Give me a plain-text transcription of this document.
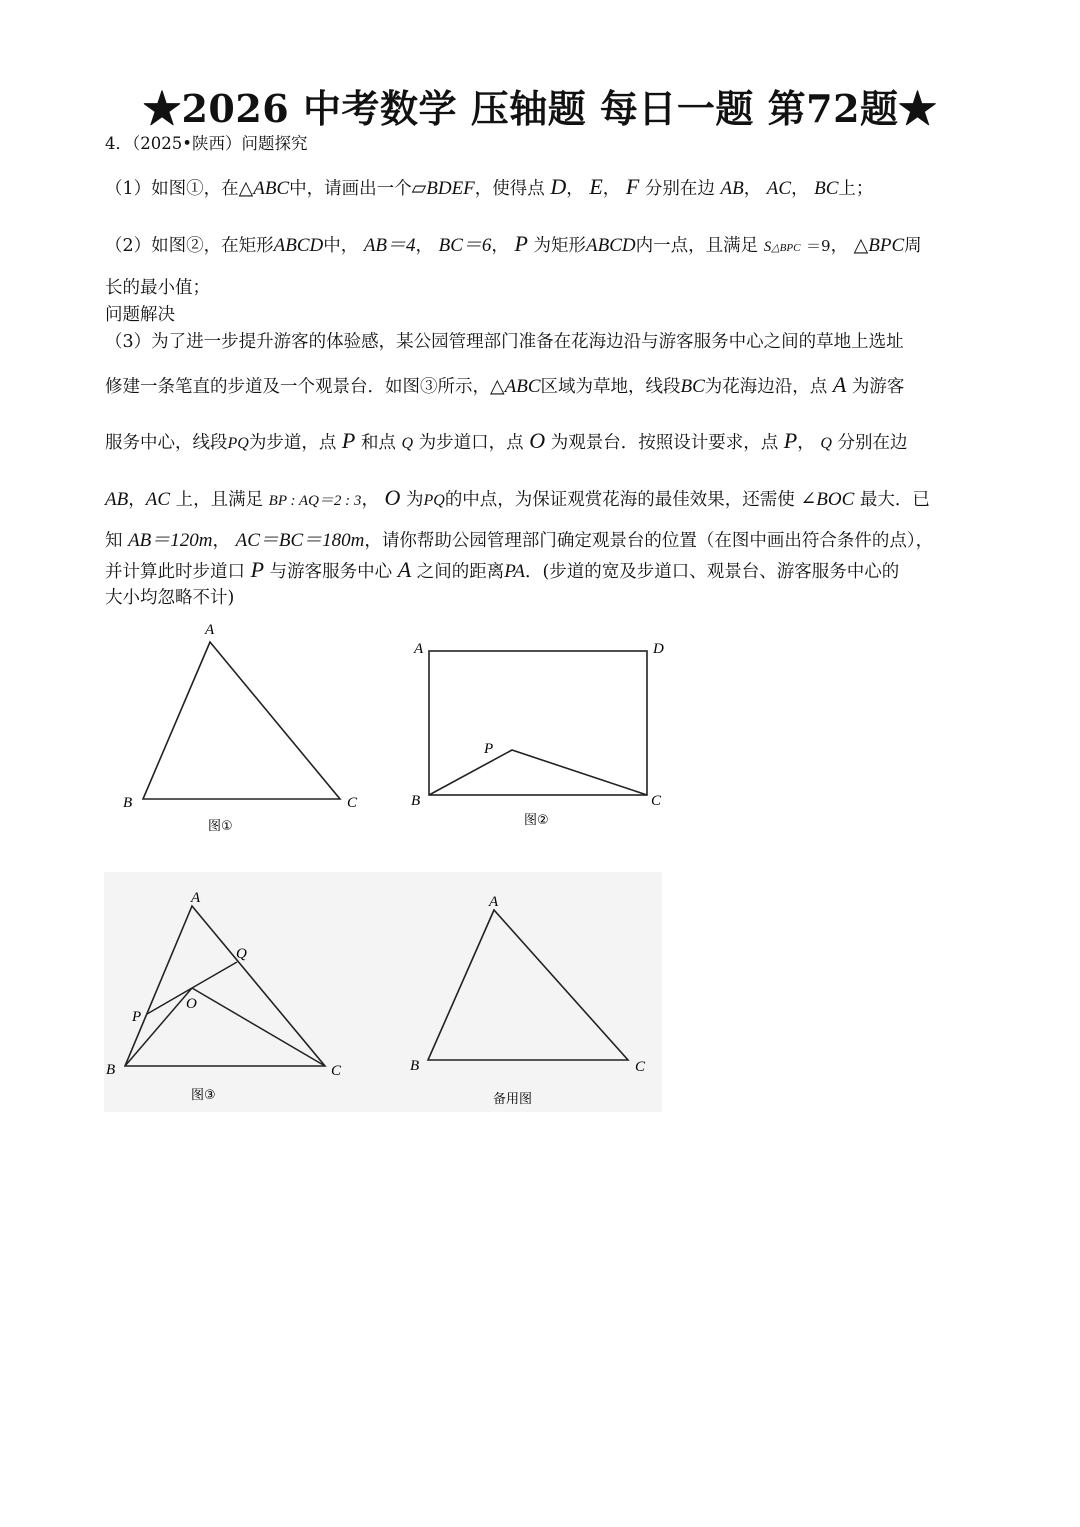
★2026 中考数学 压轴题 每日一题 第72题★
4．（2025•陕西）问题探究
（1）如图①，在△ABC中，请画出一个▱BDEF，使得点 D， E， F 分别在边 AB， AC， BC上；
（2）如图②，在矩形ABCD中， AB＝4， BC＝6， P 为矩形ABCD内一点，且满足 S△BPC ＝9， △BPC周
长的最小值；
问题解决
（3）为了进一步提升游客的体验感，某公园管理部门准备在花海边沿与游客服务中心之间的草地上选址
修建一条笔直的步道及一个观景台．如图③所示，△ABC区域为草地，线段BC为花海边沿，点 A 为游客
服务中心，线段PQ为步道，点 P 和点 Q 为步道口，点 O 为观景台．按照设计要求，点 P， Q 分别在边
AB，AC 上，且满足 BP : AQ＝2 : 3， O 为PQ的中点，为保证观赏花海的最佳效果，还需使 ∠BOC 最大．已
知 AB＝120m， AC＝BC＝180m，请你帮助公园管理部门确定观景台的位置（在图中画出符合条件的点），
并计算此时步道口 P 与游客服务中心 A 之间的距离PA．(步道的宽及步道口、观景台、游客服务中心的
大小均忽略不计)
A
B	C
图①
A	D
B	C
P
图②
A
B	C
P
Q
O
图③
A
B	C
备用图
